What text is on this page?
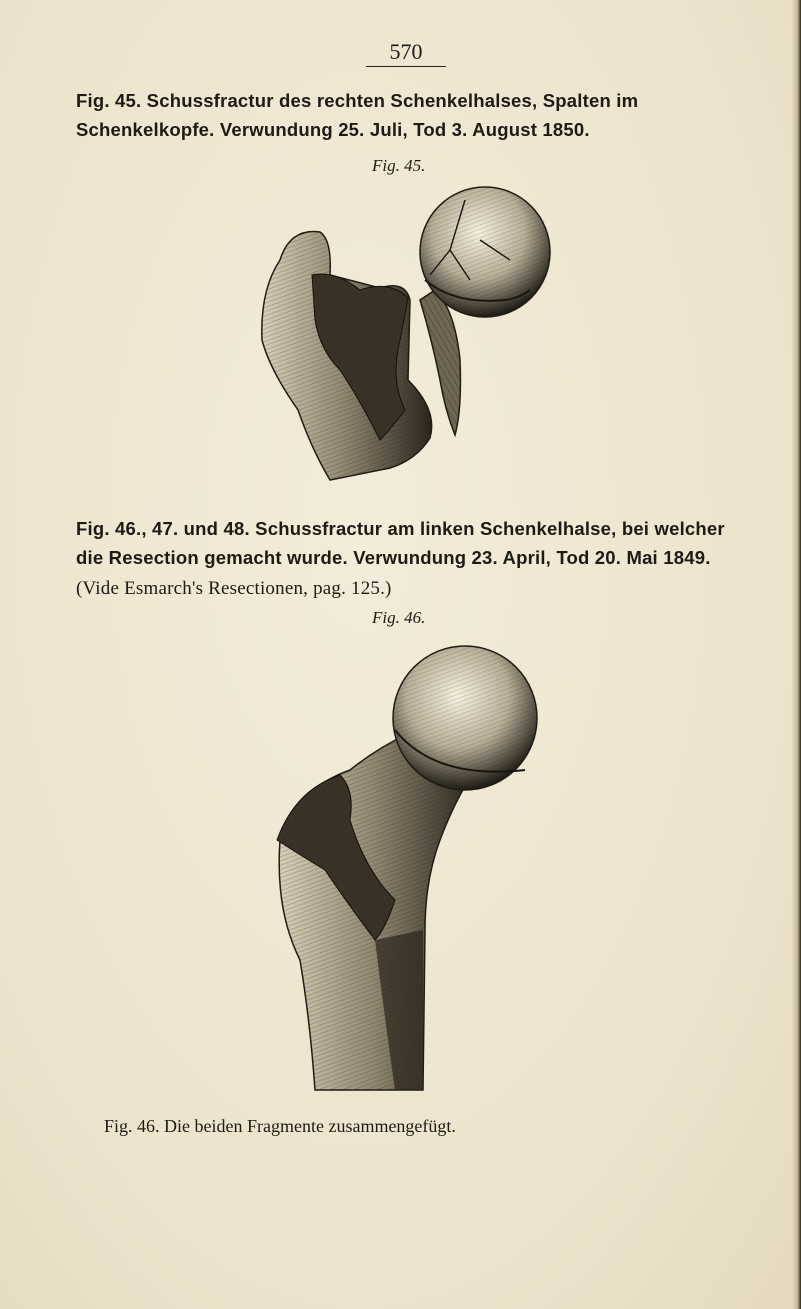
570
Fig. 45. Schussfractur des rechten Schenkelhalses, Spalten im Schenkelkopfe. Verwundung 25. Juli, Tod 3. August 1850.
Fig. 45.
Fig. 46., 47. und 48. Schussfractur am linken Schenkelhalse, bei welcher die Resection gemacht wurde. Verwundung 23. April, Tod 20. Mai 1849. (Vide Esmarch's Resectionen, pag. 125.)
Fig. 46.
Fig. 46. Die beiden Fragmente zusammengefügt.
